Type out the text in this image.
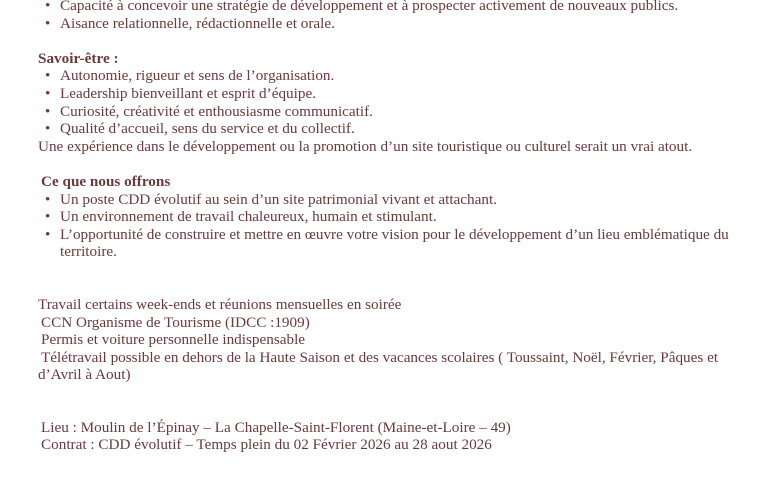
• Capacité à concevoir une stratégie de développement et à prospecter activement de nouveaux publics.
• Aisance relationnelle, rédactionnelle et orale.
Savoir-être :
• Autonomie, rigueur et sens de l’organisation.
• Leadership bienveillant et esprit d’équipe.
• Curiosité, créativité et enthousiasme communicatif.
• Qualité d’accueil, sens du service et du collectif.

Une expérience dans le développement ou la promotion d’un site touristique ou culturel serait un vrai atout.

Ce que nous offrons
• Un poste CDD évolutif au sein d’un site patrimonial vivant et attachant.
• Un environnement de travail chaleureux, humain et stimulant.
• L’opportunité de construire et mettre en œuvre votre vision pour le développement d’un lieu emblématique du territoire.

Travail certains week-ends et réunions mensuelles en soirée

CCN Organisme de Tourisme (IDCC :1909)

Permis et voiture personnelle indispensable

Télétravail possible en dehors de la Haute Saison et des vacances scolaires ( Toussaint, Noël, Février, Pâques et d’Avril à Aout)

Lieu : Moulin de l’Épinay – La Chapelle-Saint-Florent (Maine-et-Loire – 49)

Contrat : CDD évolutif – Temps plein du 02 Février 2026 au 28 aout 2026
